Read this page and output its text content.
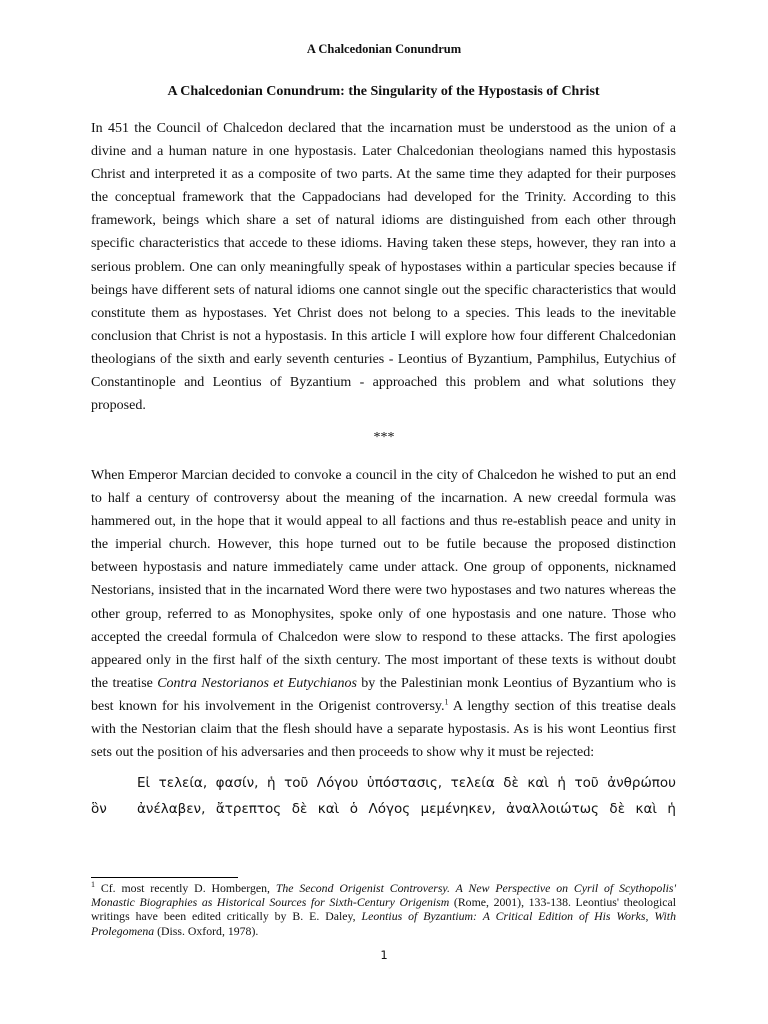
A Chalcedonian Conundrum
A Chalcedonian Conundrum: the Singularity of the Hypostasis of Christ

In 451 the Council of Chalcedon declared that the incarnation must be understood as the union of a divine and a human nature in one hypostasis. Later Chalcedonian theologians named this hypostasis Christ and interpreted it as a composite of two parts. At the same time they adapted for their purposes the conceptual framework that the Cappadocians had developed for the Trinity. According to this framework, beings which share a set of natural idioms are distinguished from each other through specific characteristics that accede to these idioms. Having taken these steps, however, they ran into a serious problem. One can only meaningfully speak of hypostases within a particular species because if beings have different sets of natural idioms one cannot single out the specific characteristics that would constitute them as hypostases. Yet Christ does not belong to a species. This leads to the inevitable conclusion that Christ is not a hypostasis. In this article I will explore how four different Chalcedonian theologians of the sixth and early seventh centuries - Leontius of Byzantium, Pamphilus, Eutychius of Constantinople and Leontius of Byzantium - approached this problem and what solutions they proposed.

***

When Emperor Marcian decided to convoke a council in the city of Chalcedon he wished to put an end to half a century of controversy about the meaning of the incarnation. A new creedal formula was hammered out, in the hope that it would appeal to all factions and thus re-establish peace and unity in the imperial church. However, this hope turned out to be futile because the proposed distinction between hypostasis and nature immediately came under attack. One group of opponents, nicknamed Nestorians, insisted that in the incarnated Word there were two hypostases and two natures whereas the other group, referred to as Monophysites, spoke only of one hypostasis and one nature. Those who accepted the creedal formula of Chalcedon were slow to respond to these attacks. The first apologies appeared only in the first half of the sixth century. The most important of these texts is without doubt the treatise Contra Nestorianos et Eutychianos by the Palestinian monk Leontius of Byzantium who is best known for his involvement in the Origenist controversy.$^1$ A lengthy section of this treatise deals with the Nestorian claim that the flesh should have a separate hypostasis. As is his wont Leontius first sets out the position of his adversaries and then proceeds to show why it must be rejected:

Εἰ τελεία, φασίν, ἡ τοῦ Λόγου ὑπόστασις, τελεία δὲ καὶ ἡ τοῦ ἀνθρώπου
ὃν	ἀνέλαβεν, ἄτρεπτος δὲ καὶ ὁ Λόγος μεμένηκεν, ἀναλλοιώτως δὲ καὶ ἡ
$^1$ Cf. most recently D. Hombergen, The Second Origenist Controversy. A New Perspective on Cyril of Scythopolis' Monastic Biographies as Historical Sources for Sixth-Century Origenism (Rome, 2001), 133-138. Leontius' theological writings have been edited critically by B. E. Daley, Leontius of Byzantium: A Critical Edition of His Works, With Prolegomena (Diss. Oxford, 1978).
1
